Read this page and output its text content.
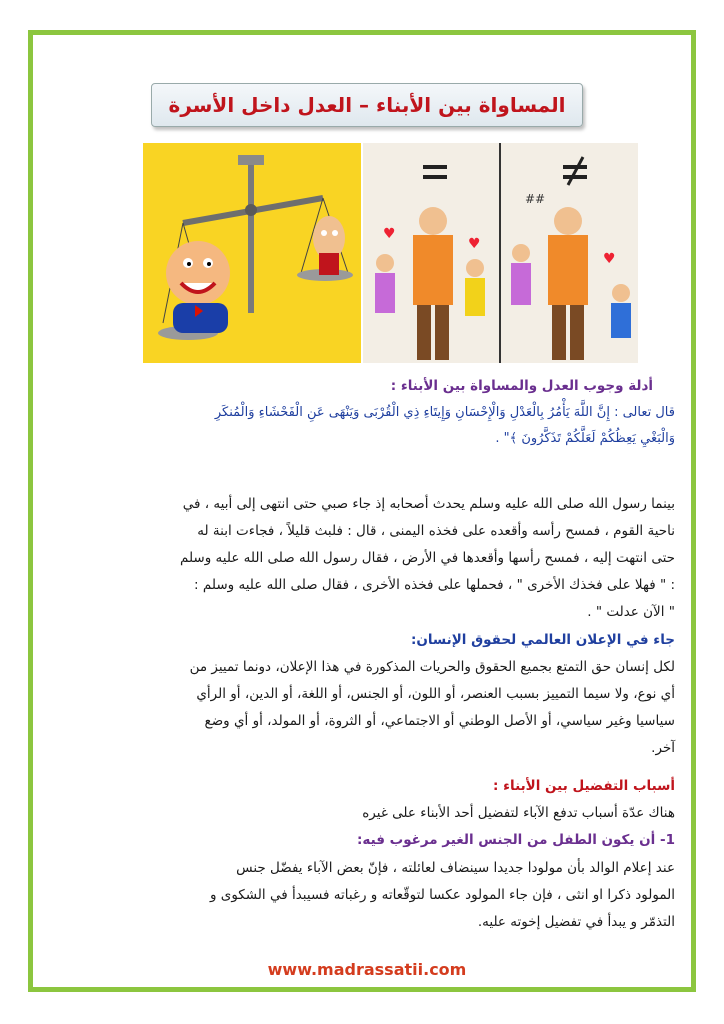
المساواة بين الأبناء – العدل داخل الأسرة
♥
♥
♥
##
أدلة وجوب العدل والمساواة بين الأبناء :
قال تعالى : إِنَّ اللَّهَ يَأْمُرُ بِالْعَدْلِ وَالْإِحْسَانِ وَإِيتَاءِ ذِي الْقُرْبَى وَيَنْهَى عَنِ الْفَحْشَاءِ وَالْمُنكَرِ
وَالْبَغْيِ يَعِظُكُمْ لَعَلَّكُمْ تَذَكَّرُونَ ﴾" .
بينما رسول الله صلى الله عليه وسلم يحدث أصحابه إذ جاء صبي حتى انتهى إلى أبيه ، في
ناحية القوم ، فمسح رأسه وأقعده على فخذه اليمنى ، قال : فلبث قليلاً ، فجاءت ابنة له
حتى انتهت إليه ، فمسح رأسها وأقعدها في الأرض ، فقال رسول الله صلى الله عليه وسلم
: " فهلا على فخذك الأخرى " ، فحملها على فخذه الأخرى ، فقال صلى الله عليه وسلم :
" الآن عدلت " .
جاء في الإعلان العالمي لحقوق الإنسان:
لكل إنسان حق التمتع بجميع الحقوق والحريات المذكورة في هذا الإعلان، دونما تمييز من
أي نوع، ولا سيما التمييز بسبب العنصر، أو اللون، أو الجنس، أو اللغة، أو الدين، أو الرأي
سياسيا وغير سياسي، أو الأصل الوطني أو الاجتماعي، أو الثروة، أو المولد، أو أي وضع
آخر.
أسباب التفضيل بين الأبناء :
هناك عدّة أسباب تدفع الآباء لتفضيل أحد الأبناء على غيره
1- أن يكون الطفل من الجنس الغير مرغوب فيه:
عند إعلام الوالد بأن مولودا جديدا سينضاف لعائلته ، فإنّ بعض الآباء يفضّل جنس
المولود ذكرا او انثى ، فإن جاء المولود عكسا لتوقّعاته و رغباته فسيبدأ في الشكوى و
التذمّر و يبدأ في تفضيل إخوته عليه.
www.madrassatii.com
